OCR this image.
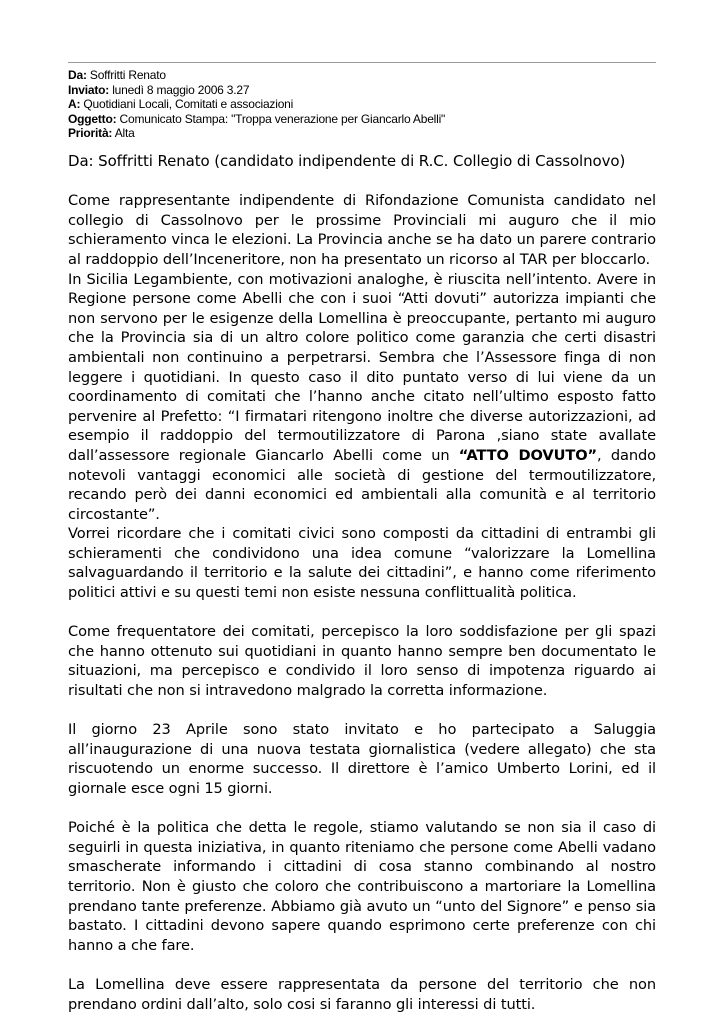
Da: Soffritti Renato
Inviato: lunedì 8 maggio 2006 3.27
A: Quotidiani Locali, Comitati e associazioni
Oggetto: Comunicato Stampa: "Troppa venerazione per Giancarlo Abelli"
Priorità: Alta

Da: Soffritti Renato (candidato indipendente di R.C. Collegio di Cassolnovo)

Come rappresentante indipendente di Rifondazione Comunista candidato nel collegio di Cassolnovo per le prossime Provinciali mi auguro che il mio schieramento vinca le elezioni. La Provincia anche se ha dato un parere contrario al raddoppio dell’Inceneritore, non ha presentato un ricorso al TAR per bloccarlo.

In Sicilia Legambiente, con motivazioni analoghe, è riuscita nell’intento. Avere in Regione persone come Abelli che con i suoi “Atti dovuti” autorizza impianti che non servono per le esigenze della Lomellina è preoccupante, pertanto mi auguro che la Provincia sia di un altro colore politico come garanzia che certi disastri ambientali non continuino a perpetrarsi. Sembra che l’Assessore finga di non leggere i quotidiani. In questo caso il dito puntato verso di lui viene da un coordinamento di comitati che l’hanno anche citato nell’ultimo esposto fatto pervenire al Prefetto: “I firmatari ritengono inoltre che diverse autorizzazioni, ad esempio il raddoppio del termoutilizzatore di Parona ,siano state avallate dall’assessore regionale Giancarlo Abelli come un “ATTO DOVUTO”, dando notevoli vantaggi economici alle società di gestione del termoutilizzatore, recando però dei danni economici ed ambientali alla comunità e al territorio circostante”.

Vorrei ricordare che i comitati civici sono composti da cittadini di entrambi gli schieramenti che condividono una idea comune “valorizzare la Lomellina salvaguardando il territorio e la salute dei cittadini”, e hanno come riferimento politici attivi e su questi temi non esiste nessuna conflittualità politica.

Come frequentatore dei comitati, percepisco la loro soddisfazione per gli spazi che hanno ottenuto sui quotidiani in quanto hanno sempre ben documentato le situazioni, ma percepisco e condivido il loro senso di impotenza riguardo ai risultati che non si intravedono malgrado la corretta informazione.

Il giorno 23 Aprile sono stato invitato e ho partecipato a Saluggia all’inaugurazione di una nuova testata giornalistica (vedere allegato) che sta riscuotendo un enorme successo. Il direttore è l’amico Umberto Lorini, ed il giornale esce ogni 15 giorni.

Poiché è la politica che detta le regole, stiamo valutando se non sia il caso di seguirli in questa iniziativa, in quanto riteniamo che persone come Abelli vadano smascherate informando i cittadini di cosa stanno combinando al nostro territorio. Non è giusto che coloro che contribuiscono a martoriare la Lomellina prendano tante preferenze. Abbiamo già avuto un “unto del Signore” e penso sia bastato. I cittadini devono sapere quando esprimono certe preferenze con chi hanno a che fare.

La Lomellina deve essere rappresentata da persone del territorio che non prendano ordini dall’alto, solo cosi si faranno gli interessi di tutti.
